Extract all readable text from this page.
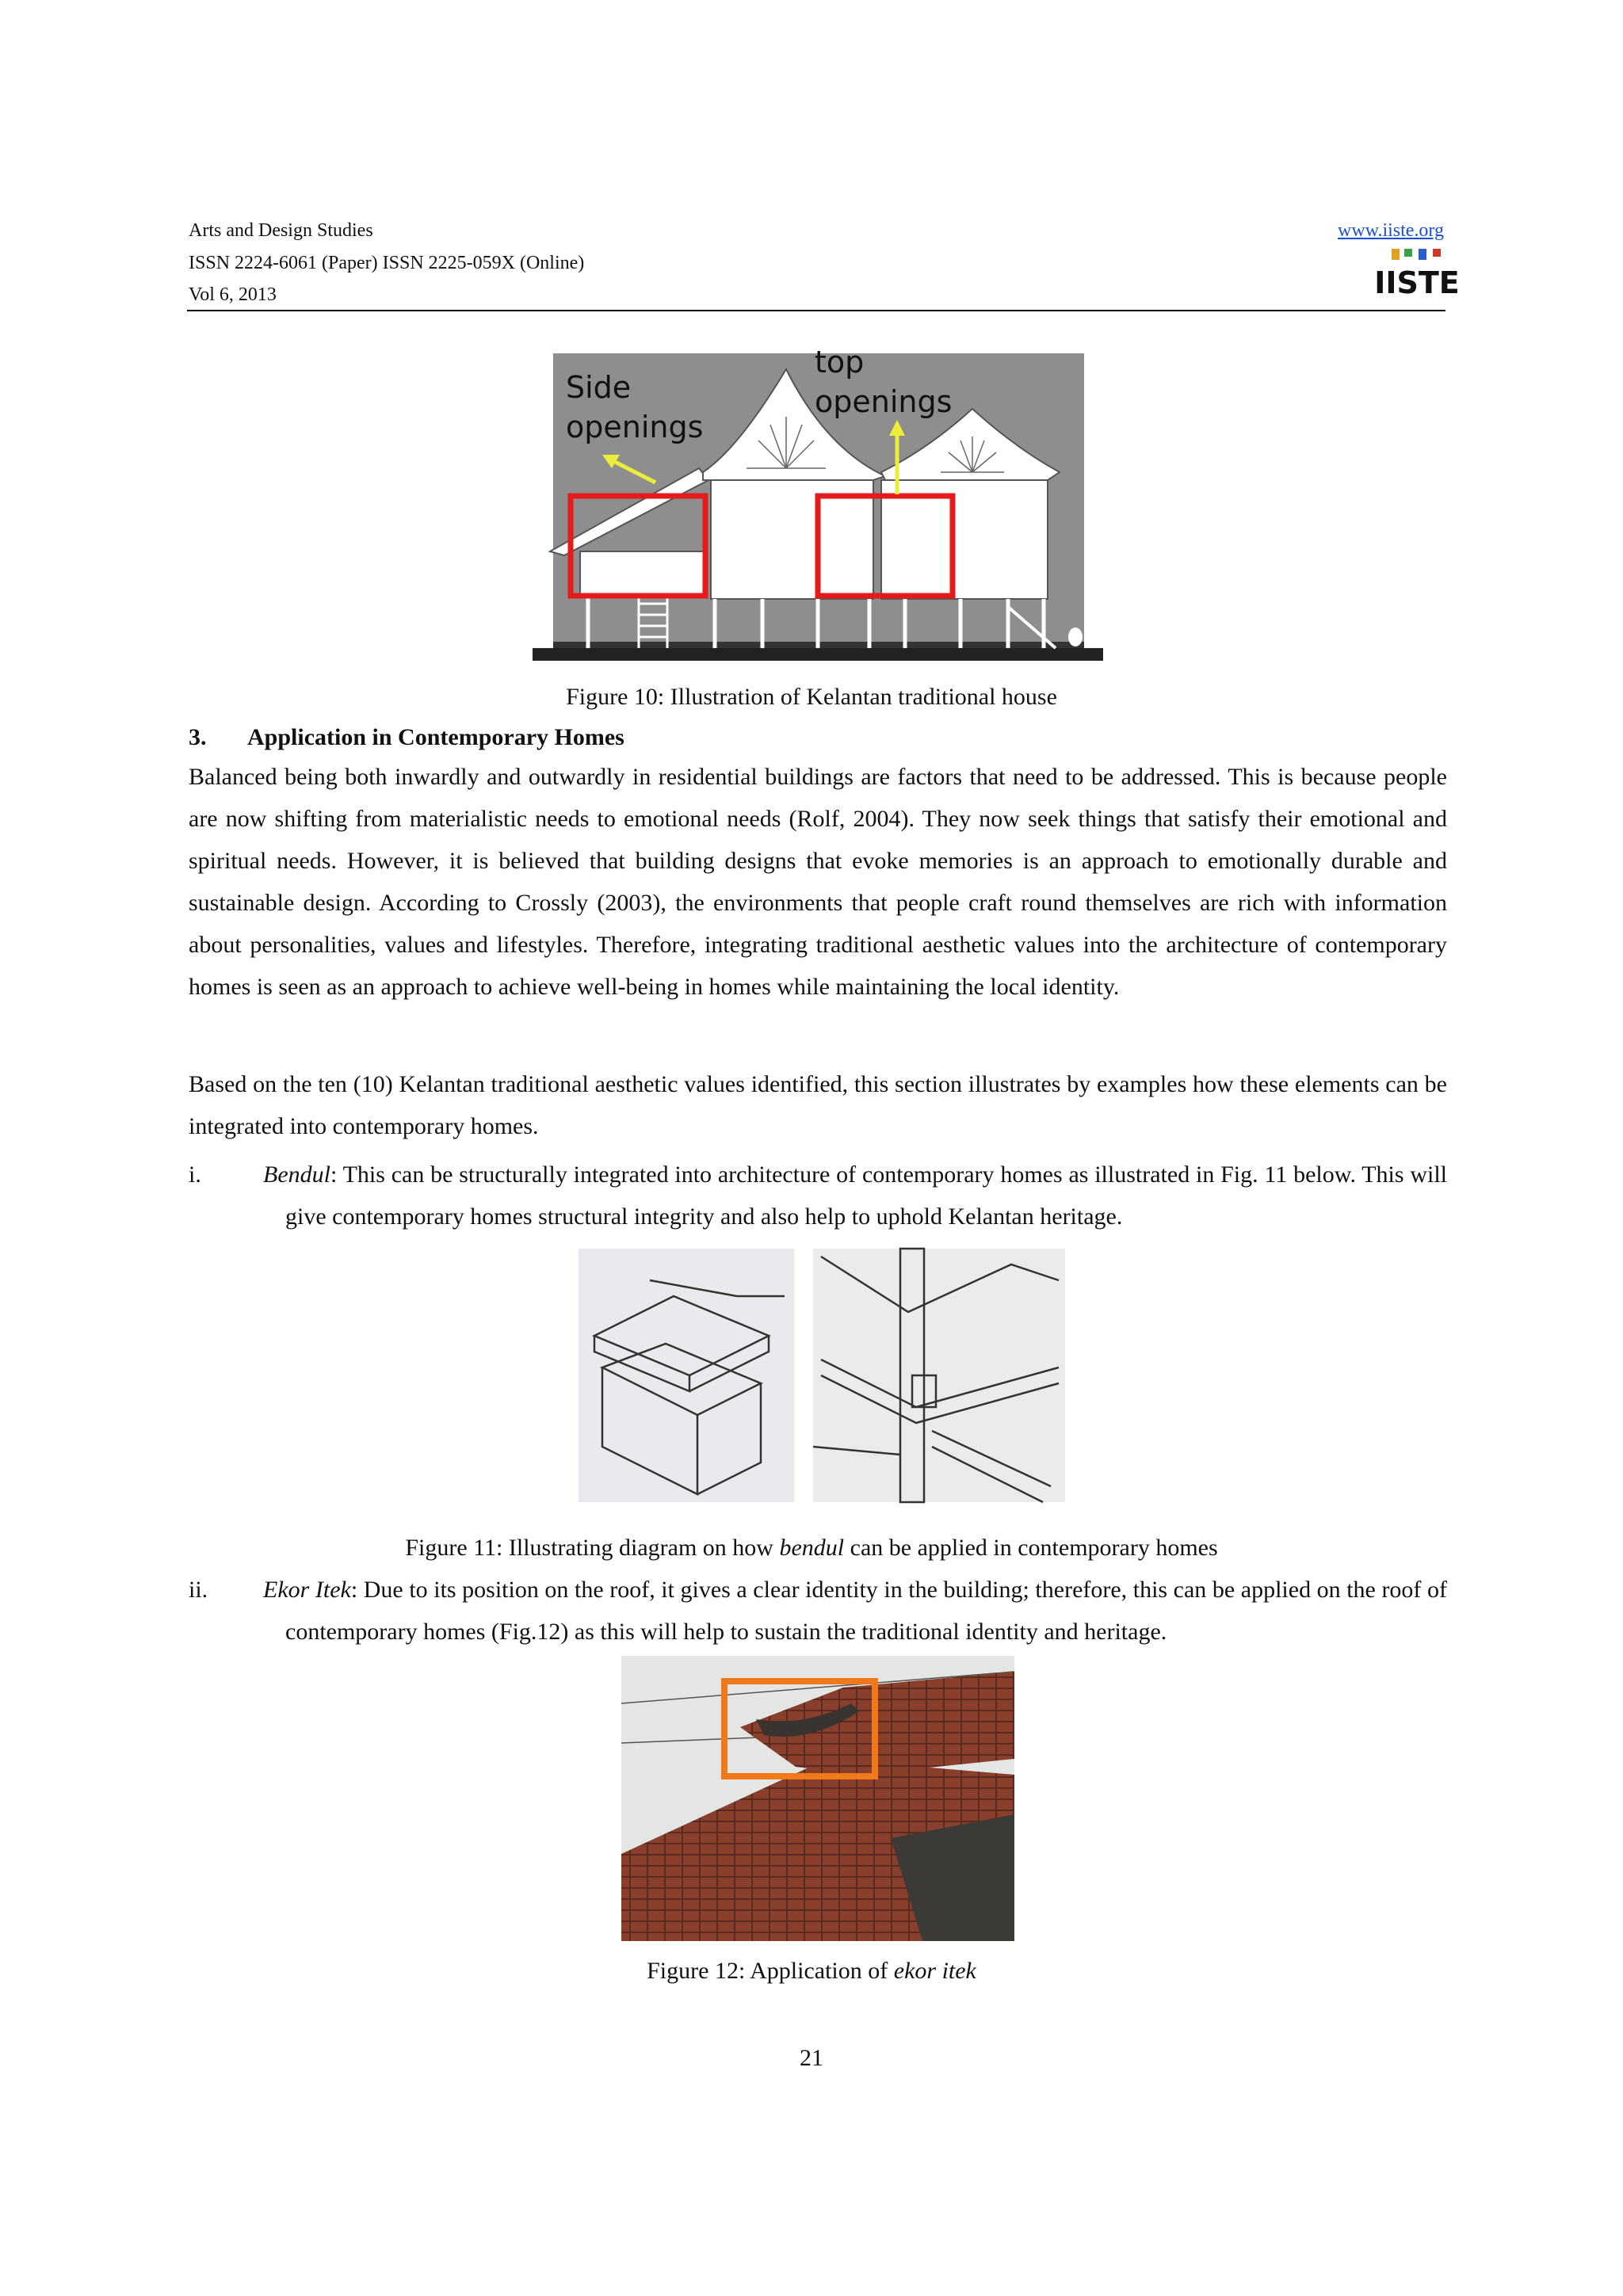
Arts and Design Studies
ISSN 2224-6061 (Paper) ISSN 2225-059X (Online)
Vol 6, 2013
www.iiste.org
IISTE
Side
openings
top
openings
Figure 10: Illustration of Kelantan traditional house
3. Application in Contemporary Homes
Balanced being both inwardly and outwardly in residential buildings are factors that need to be addressed. This is because people are now shifting from materialistic needs to emotional needs (Rolf, 2004). They now seek things that satisfy their emotional and spiritual needs. However, it is believed that building designs that evoke memories is an approach to emotionally durable and sustainable design. According to Crossly (2003), the environments that people craft round themselves are rich with information about personalities, values and lifestyles. Therefore, integrating traditional aesthetic values into the architecture of contemporary homes is seen as an approach to achieve well-being in homes while maintaining the local identity.
Based on the ten (10) Kelantan traditional aesthetic values identified, this section illustrates by examples how these elements can be integrated into contemporary homes.
i.	Bendul: This can be structurally integrated into architecture of contemporary homes as illustrated in Fig. 11 below. This will give contemporary homes structural integrity and also help to uphold Kelantan heritage.
Figure 11: Illustrating diagram on how bendul can be applied in contemporary homes
ii.	Ekor Itek: Due to its position on the roof, it gives a clear identity in the building; therefore, this can be applied on the roof of contemporary homes (Fig.12) as this will help to sustain the traditional identity and heritage.
Figure 12: Application of ekor itek
21
